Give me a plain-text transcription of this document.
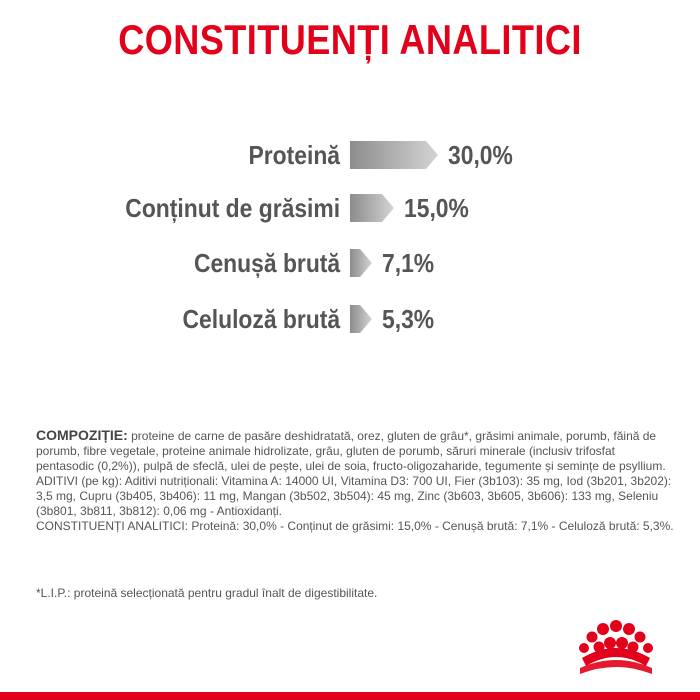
CONSTITUENȚI ANALITICI
Proteină	30,0%
Conținut de grăsimi 15,0%
Cenușă brută 7,1%
Celuloză brută 5,3%

COMPOZIȚIE: proteine de carne de pasăre deshidratată, orez, gluten de grâu*, grăsimi animale, porumb, făină de porumb, fibre vegetale, proteine animale hidrolizate, grâu, gluten de porumb, săruri minerale (inclusiv trifosfat pentasodic (0,2%)), pulpă de sfeclă, ulei de pește, ulei de soia, fructo-oligozaharide, tegumente și semințe de psyllium.

ADITIVI (pe kg): Aditivi nutriționali: Vitamina A: 14000 UI, Vitamina D3: 700 UI, Fier (3b103): 35 mg, Iod (3b201, 3b202): 3,5 mg, Cupru (3b405, 3b406): 11 mg, Mangan (3b502, 3b504): 45 mg, Zinc (3b603, 3b605, 3b606): 133 mg, Seleniu (3b801, 3b811, 3b812): 0,06 mg - Antioxidanți.

CONSTITUENȚI ANALITICI: Proteină: 30,0% - Conținut de grăsimi: 15,0% - Cenușă brută: 7,1% - Celuloză brută: 5,3%.

*L.I.P.: proteină selecționată pentru gradul înalt de digestibilitate.
